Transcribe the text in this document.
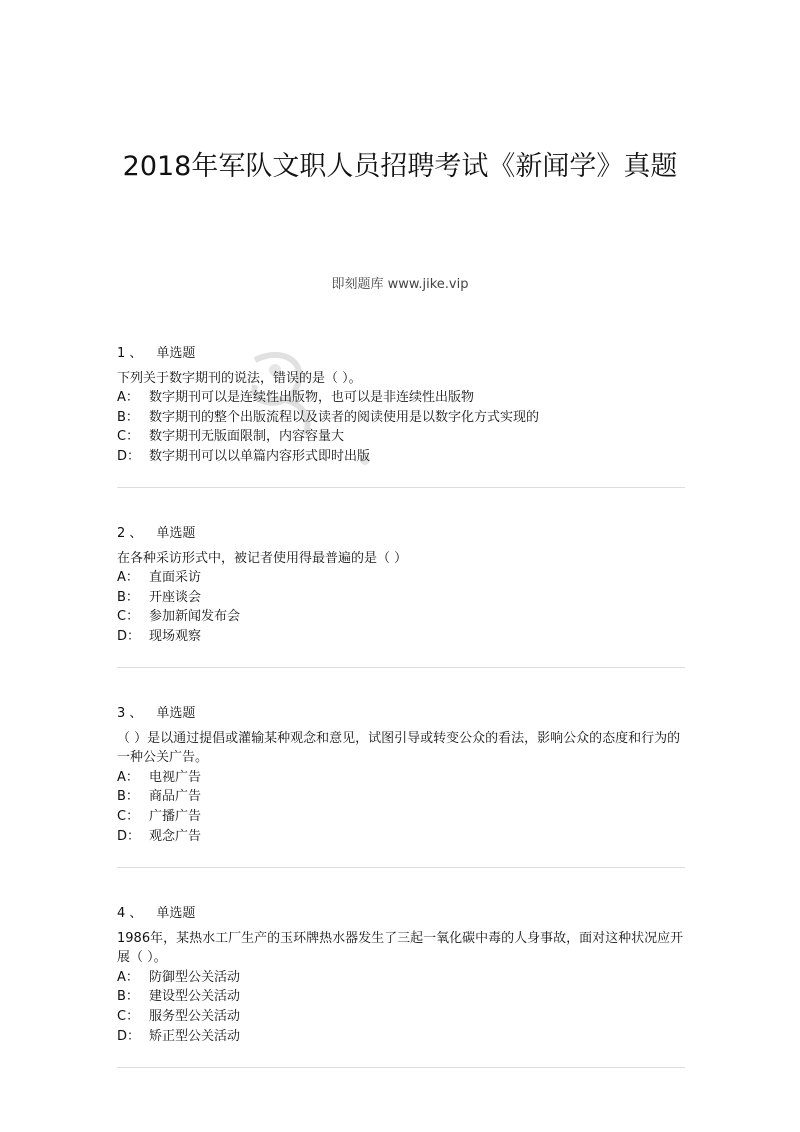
2018年军队文职人员招聘考试《新闻学》真题
即刻题库 www.jike.vip
1 、 单选题

下列关于数字期刊的说法，错误的是（ ）。

A： 数字期刊可以是连续性出版物，也可以是非连续性出版物
B： 数字期刊的整个出版流程以及读者的阅读使用是以数字化方式实现的
C： 数字期刊无版面限制，内容容量大
D： 数字期刊可以以单篇内容形式即时出版
2 、 单选题

在各种采访形式中，被记者使用得最普遍的是（ ）

A： 直面采访
B： 开座谈会
C： 参加新闻发布会
D： 现场观察
3 、 单选题

（ ）是以通过提倡或灌输某种观念和意见，试图引导或转变公众的看法，影响公众的态度和行为的一种公关广告。

A： 电视广告
B： 商品广告
C： 广播广告
D： 观念广告
4 、 单选题

1986年，某热水工厂生产的玉环牌热水器发生了三起一氧化碳中毒的人身事故，面对这种状况应开展（ ）。

A： 防御型公关活动
B： 建设型公关活动
C： 服务型公关活动
D： 矫正型公关活动
